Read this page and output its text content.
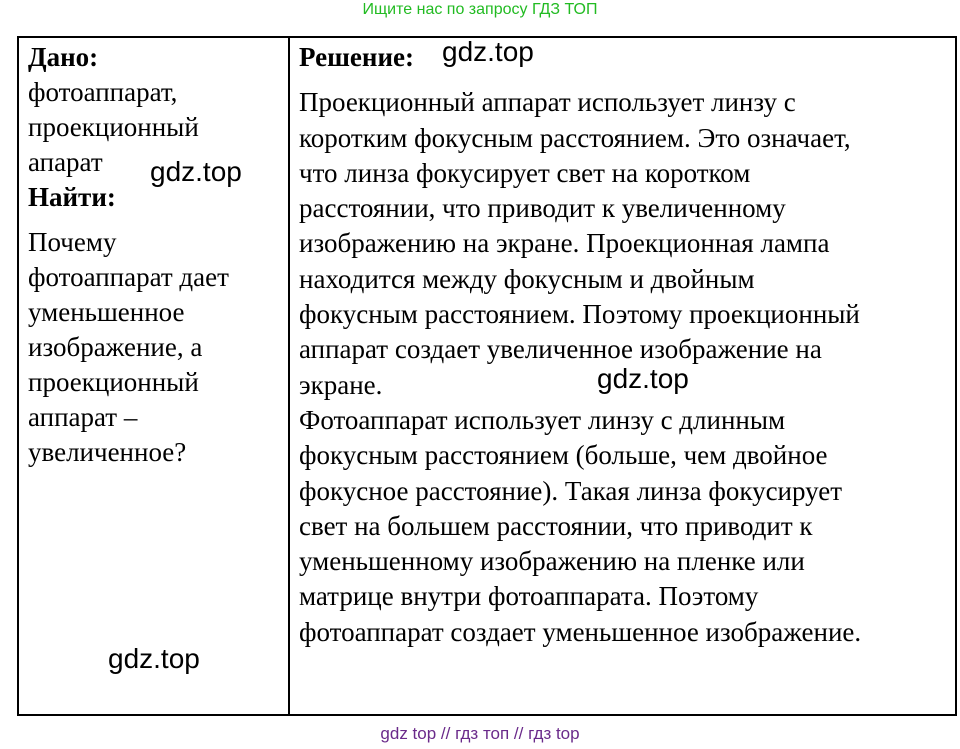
Ищите нас по запросу ГДЗ ТОП
Дано:
фотоаппарат,
проекционный
апарат
Найти:
Почему
фотоаппарат дает
уменьшенное
изображение, а
проекционный
аппарат –
увеличенное?
Решение:
Проекционный аппарат использует линзу с
коротким фокусным расстоянием. Это означает,
что линза фокусирует свет на коротком
расстоянии, что приводит к увеличенному
изображению на экране. Проекционная лампа
находится между фокусным и двойным
фокусным расстоянием. Поэтому проекционный
аппарат создает увеличенное изображение на
экране.
Фотоаппарат использует линзу с длинным
фокусным расстоянием (больше, чем двойное
фокусное расстояние). Такая линза фокусирует
свет на большем расстоянии, что приводит к
уменьшенному изображению на пленке или
матрице внутри фотоаппарата. Поэтому
фотоаппарат создает уменьшенное изображение.
gdz.top
gdz.top
gdz.top
gdz.top
gdz top // гдз топ // гдз top
